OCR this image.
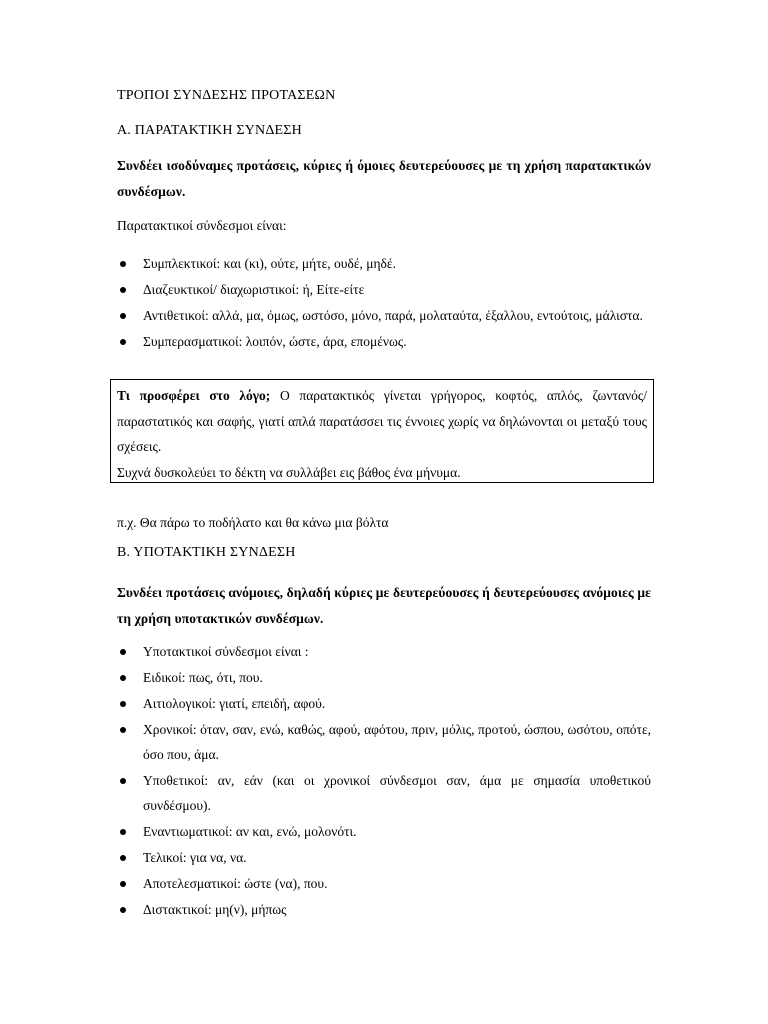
ΤΡΟΠΟΙ ΣΥΝΔΕΣΗΣ ΠΡΟΤΑΣΕΩΝ
Α. ΠΑΡΑΤΑΚΤΙΚΗ ΣΥΝΔΕΣΗ
Συνδέει ισοδύναμες προτάσεις, κύριες ή όμοιες δευτερεύουσες με τη χρήση παρατακτικών συνδέσμων.
Παρατακτικοί σύνδεσμοι είναι:
Συμπλεκτικοί: και (κι), ούτε, μήτε, ουδέ, μηδέ.
Διαζευκτικοί/ διαχωριστικοί: ή, Είτε-είτε
Αντιθετικοί: αλλά, μα, όμως, ωστόσο, μόνο, παρά, μολαταύτα, έξαλλου, εντούτοις, μάλιστα.
Συμπερασματικοί: λοιπόν, ώστε, άρα, επομένως.
Τι προσφέρει στο λόγο; Ο παρατακτικός γίνεται γρήγορος, κοφτός, απλός, ζωντανός/παραστατικός και σαφής, γιατί απλά παρατάσσει τις έννοιες χωρίς να δηλώνονται οι μεταξύ τους σχέσεις.
Συχνά δυσκολεύει το δέκτη να συλλάβει εις βάθος ένα μήνυμα.
π.χ. Θα πάρω το ποδήλατο και θα κάνω μια βόλτα
Β. ΥΠΟΤΑΚΤΙΚΗ ΣΥΝΔΕΣΗ
Συνδέει προτάσεις ανόμοιες, δηλαδή κύριες με δευτερεύουσες ή δευτερεύουσες ανόμοιες με τη χρήση υποτακτικών συνδέσμων.
Υποτακτικοί σύνδεσμοι είναι :
Ειδικοί: πως, ότι, που.
Αιτιολογικοί: γιατί, επειδή, αφού.
Χρονικοί: όταν, σαν, ενώ, καθώς, αφού, αφότου, πριν, μόλις, προτού, ώσπου, ωσότου, οπότε, όσο που, άμα.
Υποθετικοί: αν, εάν (και οι χρονικοί σύνδεσμοι σαν, άμα με σημασία υποθετικού συνδέσμου).
Εναντιωματικοί: αν και, ενώ, μολονότι.
Τελικοί: για να, να.
Αποτελεσματικοί: ώστε (να), που.
Διστακτικοί: μη(ν), μήπως
